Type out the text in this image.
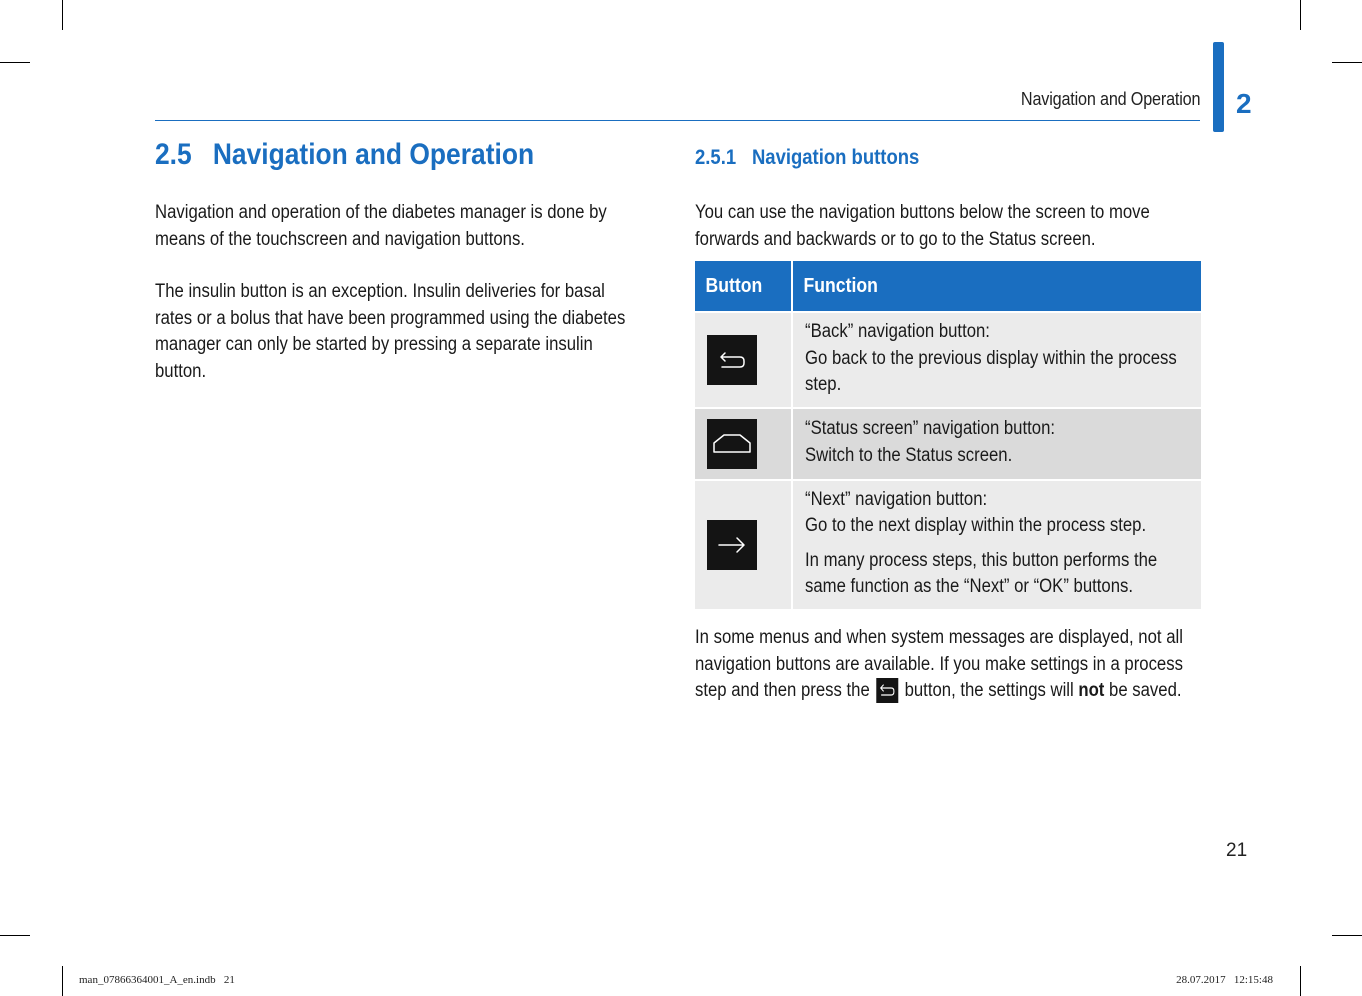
Navigation and Operation 2
2.5 Navigation and Operation

Navigation and operation of the diabetes manager is done by means of the touchscreen and navigation buttons.

The insulin button is an exception. Insulin deliveries for basal rates or a bolus that have been programmed using the diabetes manager can only be started by pressing a separate insulin button.

2.5.1 Navigation buttons

You can use the navigation buttons below the screen to move forwards and backwards or to go to the Status screen.

Button	Function

“Back” navigation button:
Go back to the previous display within the process step.

“Status screen” navigation button:
Switch to the Status screen.

“Next” navigation button:
Go to the next display within the process step.
In many process steps, this button performs the same function as the “Next” or “OK” buttons.

In some menus and when system messages are displayed, not all navigation buttons are available. If you make settings in a process step and then press the button, the settings will not be saved.

21
man_07866364001_A_en.indb   21	28.07.2017   12:15:48
